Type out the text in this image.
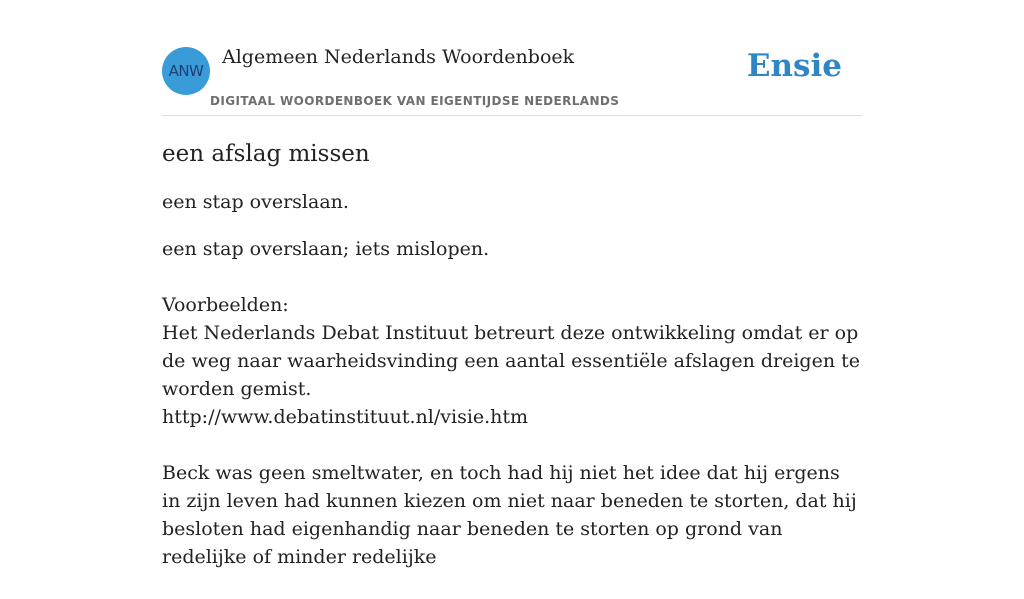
ANW
Algemeen Nederlands Woordenboek
DIGITAAL WOORDENBOEK VAN EIGENTIJDSE NEDERLANDS
Ensie
een afslag missen

een stap overslaan.

een stap overslaan; iets mislopen.

Voorbeelden:
Het Nederlands Debat Instituut betreurt deze ontwikkeling omdat er op de weg naar waarheidsvinding een aantal essentiële afslagen dreigen te worden gemist.
http://www.debatinstituut.nl/visie.htm
Beck was geen smeltwater, en toch had hij niet het idee dat hij ergens in zijn leven had kunnen kiezen om niet naar beneden te storten, dat hij besloten had eigenhandig naar beneden te storten op grond van redelijke of minder redelijke
